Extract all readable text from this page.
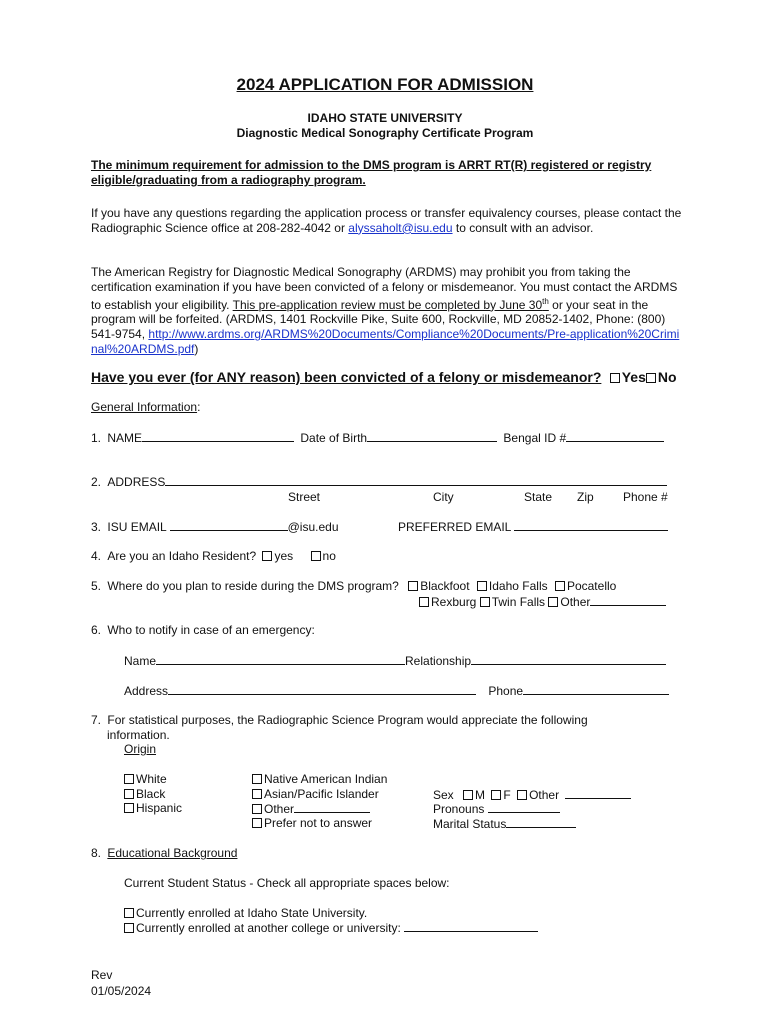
2024 APPLICATION FOR ADMISSION
IDAHO STATE UNIVERSITY
Diagnostic Medical Sonography Certificate Program
The minimum requirement for admission to the DMS program is ARRT RT(R) registered or registry eligible/graduating from a radiography program.
If you have any questions regarding the application process or transfer equivalency courses, please contact the Radiographic Science office at 208-282-4042 or alyssaholt@isu.edu to consult with an advisor.
The American Registry for Diagnostic Medical Sonography (ARDMS) may prohibit you from taking the certification examination if you have been convicted of a felony or misdemeanor. You must contact the ARDMS to establish your eligibility. This pre-application review must be completed by June 30th or your seat in the program will be forfeited. (ARDMS, 1401 Rockville Pike, Suite 600, Rockville, MD 20852-1402, Phone: (800) 541-9754, http://www.ardms.org/ARDMS%20Documents/Compliance%20Documents/Pre-application%20Criminal%20ARDMS.pdf)
Have you ever (for ANY reason) been convicted of a felony or misdemeanor? Yes No
General Information:
1. NAME	Date of Birth	Bengal ID #
2. ADDRESS
Street	City	State Zip Phone #
3. ISU EMAIL	@isu.edu	PREFERRED EMAIL
4. Are you an Idaho Resident? yes no
5. Where do you plan to reside during the DMS program? Blackfoot Idaho Falls Pocatello
Rexburg Twin Falls Other
6. Who to notify in case of an emergency:
Name	Relationship
Address	Phone
7. For statistical purposes, the Radiographic Science Program would appreciate the following
information.
Origin
White
Black
Hispanic
Native American Indian
Asian/Pacific Islander
Other
Prefer not to answer
Sex M F Other
Pronouns
Marital Status
8. Educational Background
Current Student Status - Check all appropriate spaces below:
Currently enrolled at Idaho State University.
Currently enrolled at another college or university:
Rev
01/05/2024
